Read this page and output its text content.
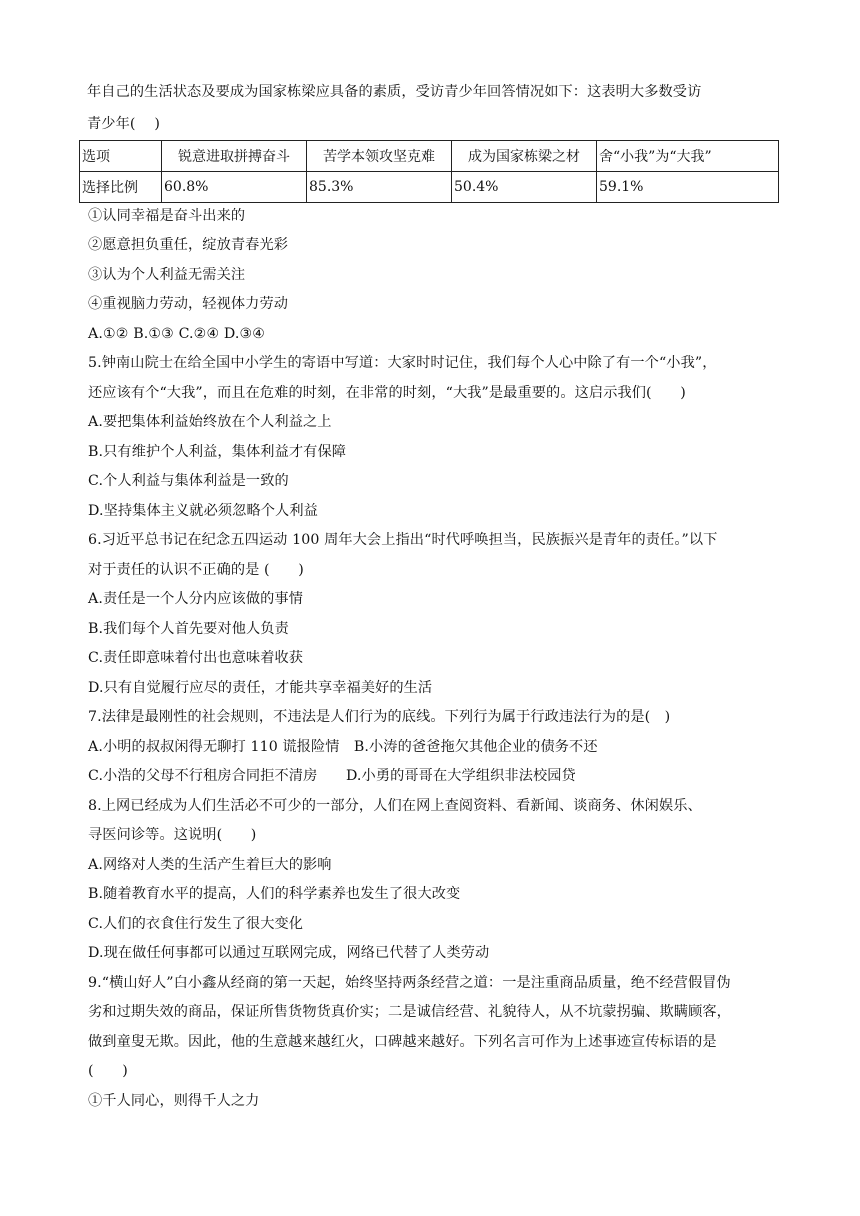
年自己的生活状态及要成为国家栋梁应具备的素质，受访青少年回答情况如下：这表明大多数受访
青少年(　 )
选项	锐意进取拼搏奋斗	苦学本领攻坚克难	成为国家栋梁之材	舍“小我”为“大我”
选择比例	60.8%	85.3%	50.4%	59.1%
①认同幸福是奋斗出来的
②愿意担负重任，绽放青春光彩
③认为个人利益无需关注
④重视脑力劳动，轻视体力劳动
A.①② B.①③ C.②④ D.③④
5.钟南山院士在给全国中小学生的寄语中写道：大家时时记住，我们每个人心中除了有一个“小我”，
还应该有个“大我”，而且在危难的时刻，在非常的时刻，“大我”是最重要的。这启示我们(　　)
A.要把集体利益始终放在个人利益之上
B.只有维护个人利益，集体利益才有保障
C.个人利益与集体利益是一致的
D.坚持集体主义就必须忽略个人利益
6.习近平总书记在纪念五四运动 100 周年大会上指出“时代呼唤担当，民族振兴是青年的责任。”以下
对于责任的认识不正确的是 (　　)
A.责任是一个人分内应该做的事情
B.我们每个人首先要对他人负责
C.责任即意味着付出也意味着收获
D.只有自觉履行应尽的责任，才能共享幸福美好的生活
7.法律是最刚性的社会规则，不违法是人们行为的底线。下列行为属于行政违法行为的是(　)
A.小明的叔叔闲得无聊打 110 谎报险情　B.小涛的爸爸拖欠其他企业的债务不还
C.小浩的父母不行租房合同拒不清房　　D.小勇的哥哥在大学组织非法校园贷
8.上网已经成为人们生活必不可少的一部分，人们在网上查阅资料、看新闻、谈商务、休闲娱乐、
寻医问诊等。这说明(　　)
A.网络对人类的生活产生着巨大的影响
B.随着教育水平的提高，人们的科学素养也发生了很大改变
C.人们的衣食住行发生了很大变化
D.现在做任何事都可以通过互联网完成，网络已代替了人类劳动
9.“横山好人”白小鑫从经商的第一天起，始终坚持两条经营之道：一是注重商品质量，绝不经营假冒伪
劣和过期失效的商品，保证所售货物货真价实；二是诚信经营、礼貌待人，从不坑蒙拐骗、欺瞒顾客，
做到童叟无欺。因此，他的生意越来越红火，口碑越来越好。下列名言可作为上述事迹宣传标语的是
(　　)
①千人同心，则得千人之力
